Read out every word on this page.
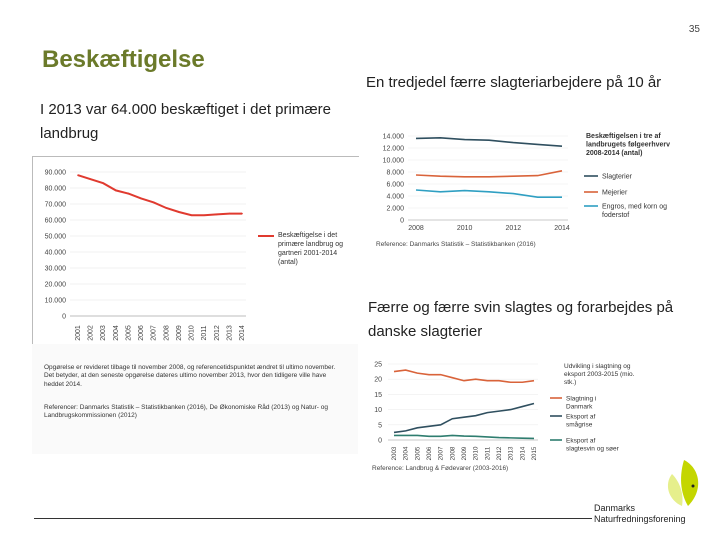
35
Beskæftigelse
I 2013 var 64.000 beskæftiget i det primære landbrug
En tredjedel færre slagteriarbejdere på 10 år
Færre og færre svin slagtes og forarbejdes på danske slagterier
90.000
80.000
70.000
60.000
50.000
40.000
30.000
20.000
10.000
0
2001 2002 2003 2004 2005 2006 2007 2008 2009 2010 2011 2012 2013 2014
Beskæftigelse i det primære landbrug og gartneri 2001-2014 (antal)
14.000
12.000
10.000
8.000
6.000
4.000
2.000
0
2008	2010	2012	2014
Beskæftigelsen i tre af landbrugets følgeerhverv 2008-2014 (antal)
Slagterier
Mejerier
Engros, med korn og foderstof
Reference: Danmarks Statistik – Statistikbanken (2016)
25
20
15
10
5
0
2003 2004 2005 2006 2007 2008 2009 2010 2011 2012 2013 2014 2015
Udvikling i slagtning og eksport 2003-2015 (mio. stk.)
Slagtning i Danmark
Eksport af smågrise
Eksport af slagtesvin og søer
Reference: Landbrug & Fødevarer (2003-2016)
Opgørelse er revideret tilbage til november 2008, og referencetidspunktet ændret til ultimo november. Det betyder, at den seneste opgørelse dateres ultimo november 2013, hvor den tidligere ville have heddet 2014.
Referencer: Danmarks Statistik – Statistikbanken (2016), De Økonomiske Råd (2013) og Natur- og Landbrugskommissionen (2012)
Danmarks
Naturfredningsforening
